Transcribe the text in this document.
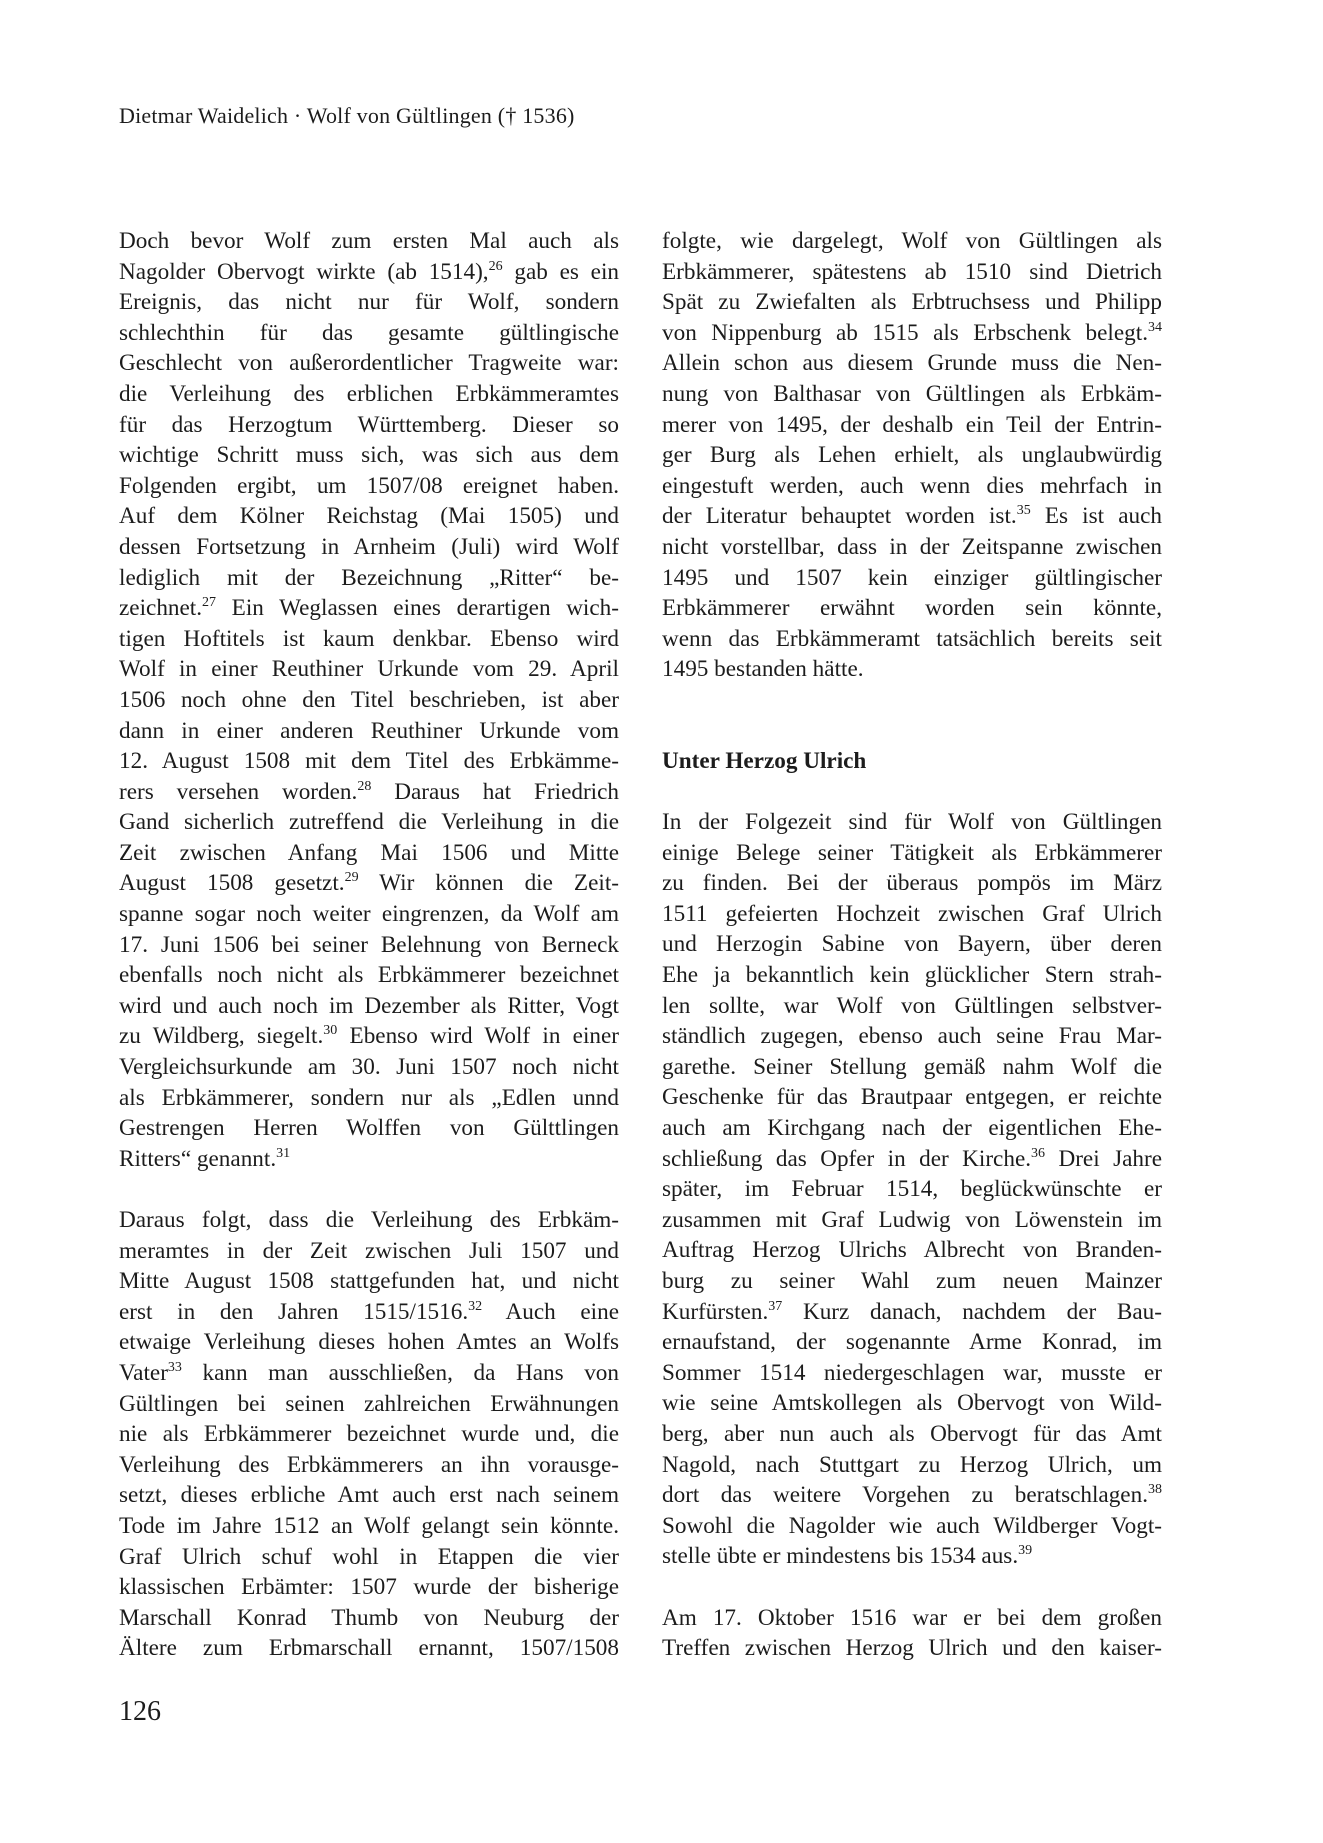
Dietmar Waidelich · Wolf von Gültlingen († 1536)
Doch bevor Wolf zum ersten Mal auch als
Nagolder Obervogt wirkte (ab 1514),$^{26}$ gab es ein
Ereignis, das nicht nur für Wolf, sondern
schlechthin für das gesamte gültlingische
Geschlecht von außerordentlicher Tragweite war:
die Verleihung des erblichen Erbkämmeramtes
für das Herzogtum Württemberg. Dieser so
wichtige Schritt muss sich, was sich aus dem
Folgenden ergibt, um 1507/08 ereignet haben.
Auf dem Kölner Reichstag (Mai 1505) und
dessen Fortsetzung in Arnheim (Juli) wird Wolf
lediglich mit der Bezeichnung „Ritter“ be-
zeichnet.$^{27}$ Ein Weglassen eines derartigen wich-
tigen Hoftitels ist kaum denkbar. Ebenso wird
Wolf in einer Reuthiner Urkunde vom 29. April
1506 noch ohne den Titel beschrieben, ist aber
dann in einer anderen Reuthiner Urkunde vom
12. August 1508 mit dem Titel des Erbkämme-
rers versehen worden.$^{28}$ Daraus hat Friedrich
Gand sicherlich zutreffend die Verleihung in die
Zeit zwischen Anfang Mai 1506 und Mitte
August 1508 gesetzt.$^{29}$ Wir können die Zeit-
spanne sogar noch weiter eingrenzen, da Wolf am
17. Juni 1506 bei seiner Belehnung von Berneck
ebenfalls noch nicht als Erbkämmerer bezeichnet
wird und auch noch im Dezember als Ritter, Vogt
zu Wildberg, siegelt.$^{30}$ Ebenso wird Wolf in einer
Vergleichsurkunde am 30. Juni 1507 noch nicht
als Erbkämmerer, sondern nur als „Edlen unnd
Gestrengen Herren Wolffen von Gülttlingen
Ritters“ genannt.$^{31}$
Daraus folgt, dass die Verleihung des Erbkäm-
meramtes in der Zeit zwischen Juli 1507 und
Mitte August 1508 stattgefunden hat, und nicht
erst in den Jahren 1515/1516.32 Auch eine
etwaige Verleihung dieses hohen Amtes an Wolfs
Vater$^{33}$ kann man ausschließen, da Hans von
Gültlingen bei seinen zahlreichen Erwähnungen
nie als Erbkämmerer bezeichnet wurde und, die
Verleihung des Erbkämmerers an ihn vorausge-
setzt, dieses erbliche Amt auch erst nach seinem
Tode im Jahre 1512 an Wolf gelangt sein könnte.
Graf Ulrich schuf wohl in Etappen die vier
klassischen Erbämter: 1507 wurde der bisherige
Marschall Konrad Thumb von Neuburg der
Ältere zum Erbmarschall ernannt, 1507/1508
folgte, wie dargelegt, Wolf von Gültlingen als
Erbkämmerer, spätestens ab 1510 sind Dietrich
Spät zu Zwiefalten als Erbtruchsess und Philipp
von Nippenburg ab 1515 als Erbschenk belegt.$^{34}$
Allein schon aus diesem Grunde muss die Nen-
nung von Balthasar von Gültlingen als Erbkäm-
merer von 1495, der deshalb ein Teil der Entrin-
ger Burg als Lehen erhielt, als unglaubwürdig
eingestuft werden, auch wenn dies mehrfach in
der Literatur behauptet worden ist.$^{35}$ Es ist auch
nicht vorstellbar, dass in der Zeitspanne zwischen
1495 und 1507 kein einziger gültlingischer
Erbkämmerer erwähnt worden sein könnte,
wenn das Erbkämmeramt tatsächlich bereits seit
1495 bestanden hätte.
Unter Herzog Ulrich
In der Folgezeit sind für Wolf von Gültlingen
einige Belege seiner Tätigkeit als Erbkämmerer
zu finden. Bei der überaus pompös im März
1511 gefeierten Hochzeit zwischen Graf Ulrich
und Herzogin Sabine von Bayern, über deren
Ehe ja bekanntlich kein glücklicher Stern strah-
len sollte, war Wolf von Gültlingen selbstver-
ständlich zugegen, ebenso auch seine Frau Mar-
garethe. Seiner Stellung gemäß nahm Wolf die
Geschenke für das Brautpaar entgegen, er reichte
auch am Kirchgang nach der eigentlichen Ehe-
schließung das Opfer in der Kirche.$^{36}$ Drei Jahre
später, im Februar 1514, beglückwünschte er
zusammen mit Graf Ludwig von Löwenstein im
Auftrag Herzog Ulrichs Albrecht von Branden-
burg zu seiner Wahl zum neuen Mainzer
Kurfürsten.$^{37}$ Kurz danach, nachdem der Bau-
ernaufstand, der sogenannte Arme Konrad, im
Sommer 1514 niedergeschlagen war, musste er
wie seine Amtskollegen als Obervogt von Wild-
berg, aber nun auch als Obervogt für das Amt
Nagold, nach Stuttgart zu Herzog Ulrich, um
dort das weitere Vorgehen zu beratschlagen.$^{38}$
Sowohl die Nagolder wie auch Wildberger Vogt-
stelle übte er mindestens bis 1534 aus.$^{39}$
Am 17. Oktober 1516 war er bei dem großen
Treffen zwischen Herzog Ulrich und den kaiser-
126
